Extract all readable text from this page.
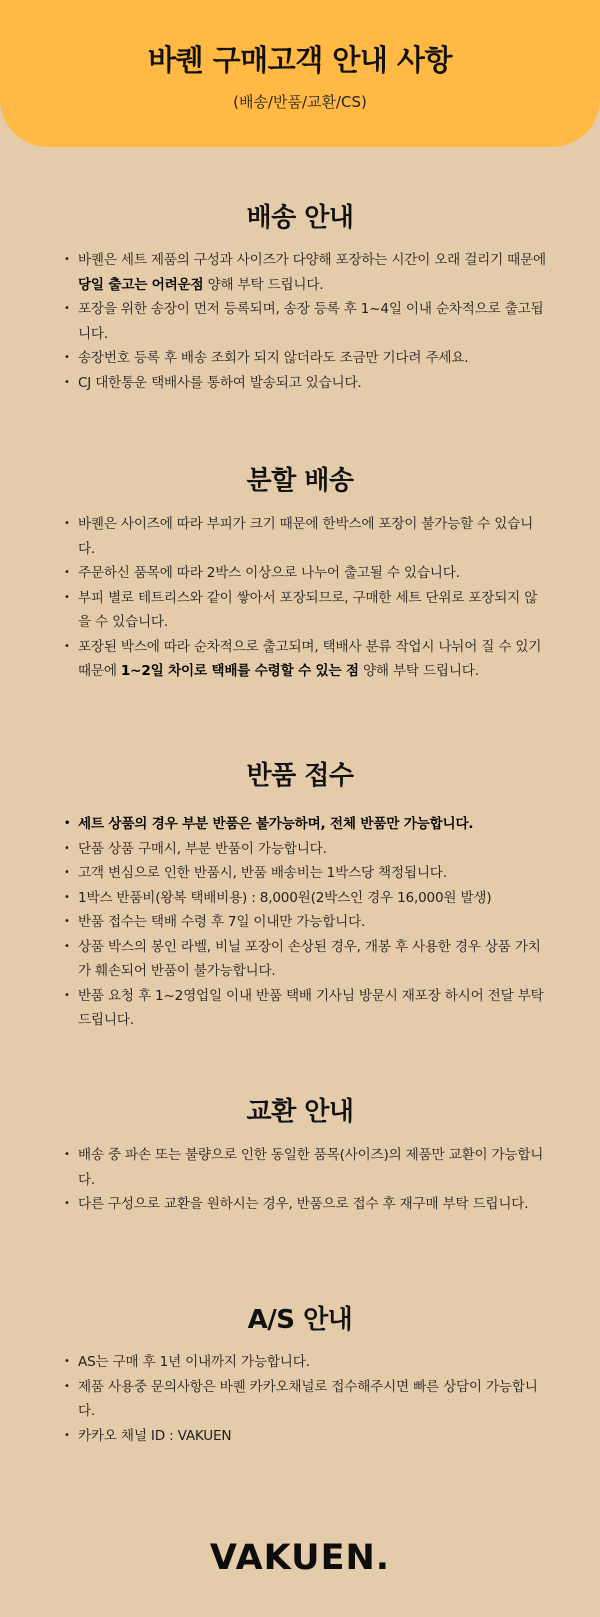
바퀜 구매고객 안내 사항
(배송/반품/교환/CS)
배송 안내
• 바퀜은 세트 제품의 구성과 사이즈가 다양해 포장하는 시간이 오래 걸리기 때문에 당일 출고는 어려운점 양해 부탁 드립니다.
• 포장을 위한 송장이 먼저 등록되며, 송장 등록 후 1~4일 이내 순차적으로 출고됩니다.
• 송장번호 등록 후 배송 조회가 되지 않더라도 조금만 기다려 주세요.
• CJ 대한통운 택배사를 통하여 발송되고 있습니다.
분할 배송
• 바퀜은 사이즈에 따라 부피가 크기 때문에 한박스에 포장이 불가능할 수 있습니다.
• 주문하신 품목에 따라 2박스 이상으로 나누어 출고될 수 있습니다.
• 부피 별로 테트리스와 같이 쌓아서 포장되므로, 구매한 세트 단위로 포장되지 않을 수 있습니다.
• 포장된 박스에 따라 순차적으로 출고되며, 택배사 분류 작업시 나뉘어 질 수 있기 때문에 1~2일 차이로 택배를 수령할 수 있는 점 양해 부탁 드립니다.
반품 접수
• 세트 상품의 경우 부분 반품은 불가능하며, 전체 반품만 가능합니다.
• 단품 상품 구매시, 부분 반품이 가능합니다.
• 고객 변심으로 인한 반품시, 반품 배송비는 1박스당 책정됩니다.
• 1박스 반품비(왕복 택배비용) : 8,000원(2박스인 경우 16,000원 발생)
• 반품 접수는 택배 수령 후 7일 이내만 가능합니다.
• 상품 박스의 봉인 라벨, 비닐 포장이 손상된 경우, 개봉 후 사용한 경우 상품 가치가 훼손되어 반품이 불가능합니다.
• 반품 요청 후 1~2영업일 이내 반품 택배 기사님 방문시 재포장 하시어 전달 부탁 드립니다.
교환 안내
• 배송 중 파손 또는 불량으로 인한 동일한 품목(사이즈)의 제품만 교환이 가능합니다.
• 다른 구성으로 교환을 원하시는 경우, 반품으로 접수 후 재구매 부탁 드립니다.
A/S 안내
• AS는 구매 후 1년 이내까지 가능합니다.
• 제품 사용중 문의사항은 바퀜 카카오채널로 접수해주시면 빠른 상담이 가능합니다.
• 카카오 채널 ID : VAKUEN
VAKUEN.
